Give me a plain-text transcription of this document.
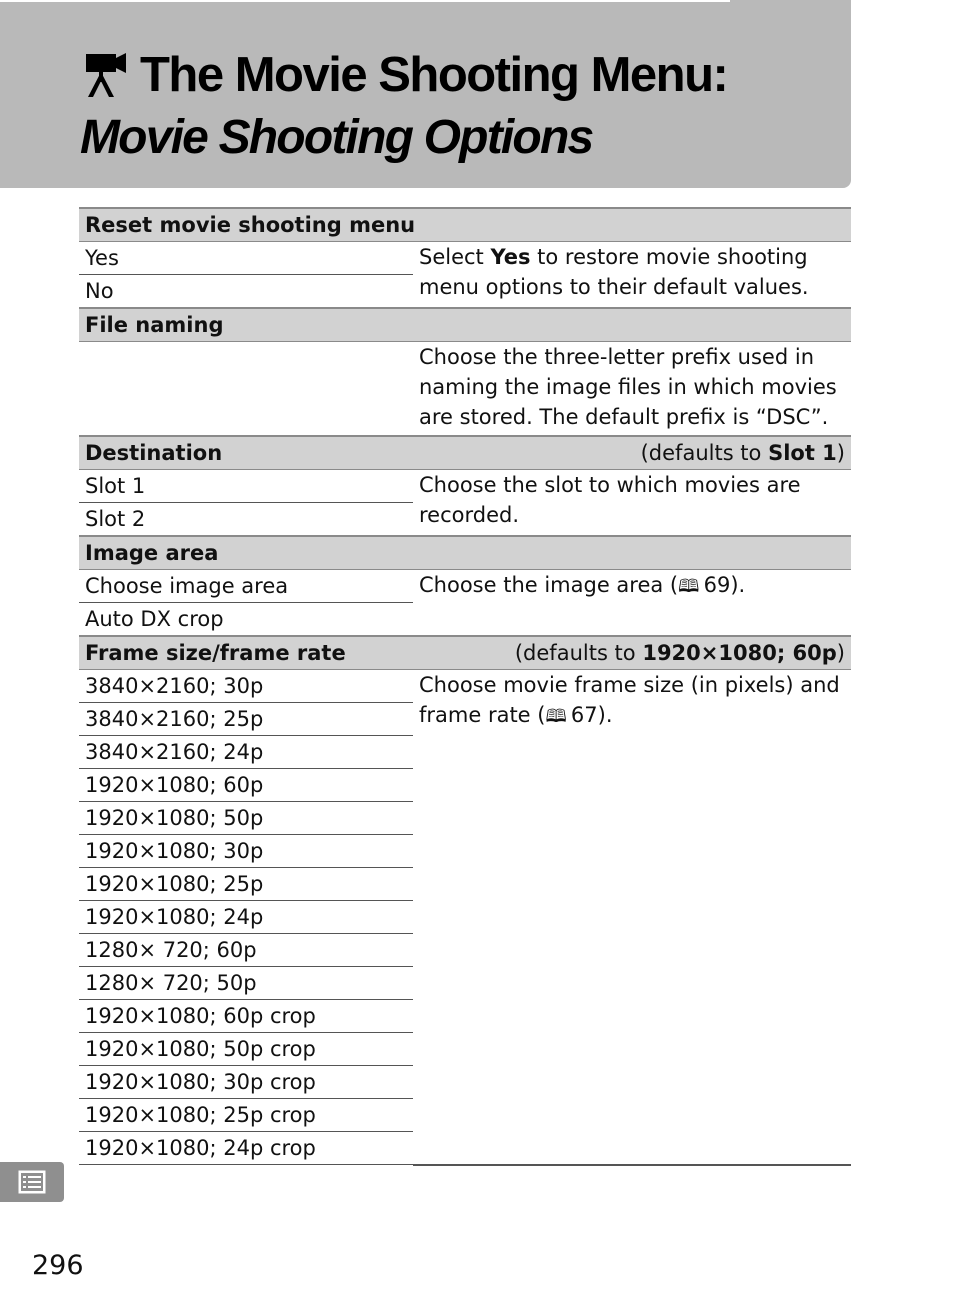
The Movie Shooting Menu:
Movie Shooting Options
Reset movie shooting menu	
Yes	Select Yes to restore movie shooting menu options to their default values.
No	
File naming	
	Choose the three-letter prefix used in naming the image files in which movies are stored. The default prefix is “DSC”.
Destination	(defaults to Slot 1)
Slot 1	Choose the slot to which movies are recorded.
Slot 2	
Image area	
Choose image area	Choose the image area (🕮  69).
Auto DX crop	
Frame size/frame rate	(defaults to 1920×1080; 60p)
3840×2160; 30p	Choose movie frame size (in pixels) and frame rate (🕮  67).
3840×2160; 25p	
3840×2160; 24p	
1920×1080; 60p	
1920×1080; 50p	
1920×1080; 30p	
1920×1080; 25p	
1920×1080; 24p	
1280× 720; 60p	
1280× 720; 50p	
1920×1080; 60p crop	
1920×1080; 50p crop	
1920×1080; 30p crop	
1920×1080; 25p crop	
1920×1080; 24p crop	
296
